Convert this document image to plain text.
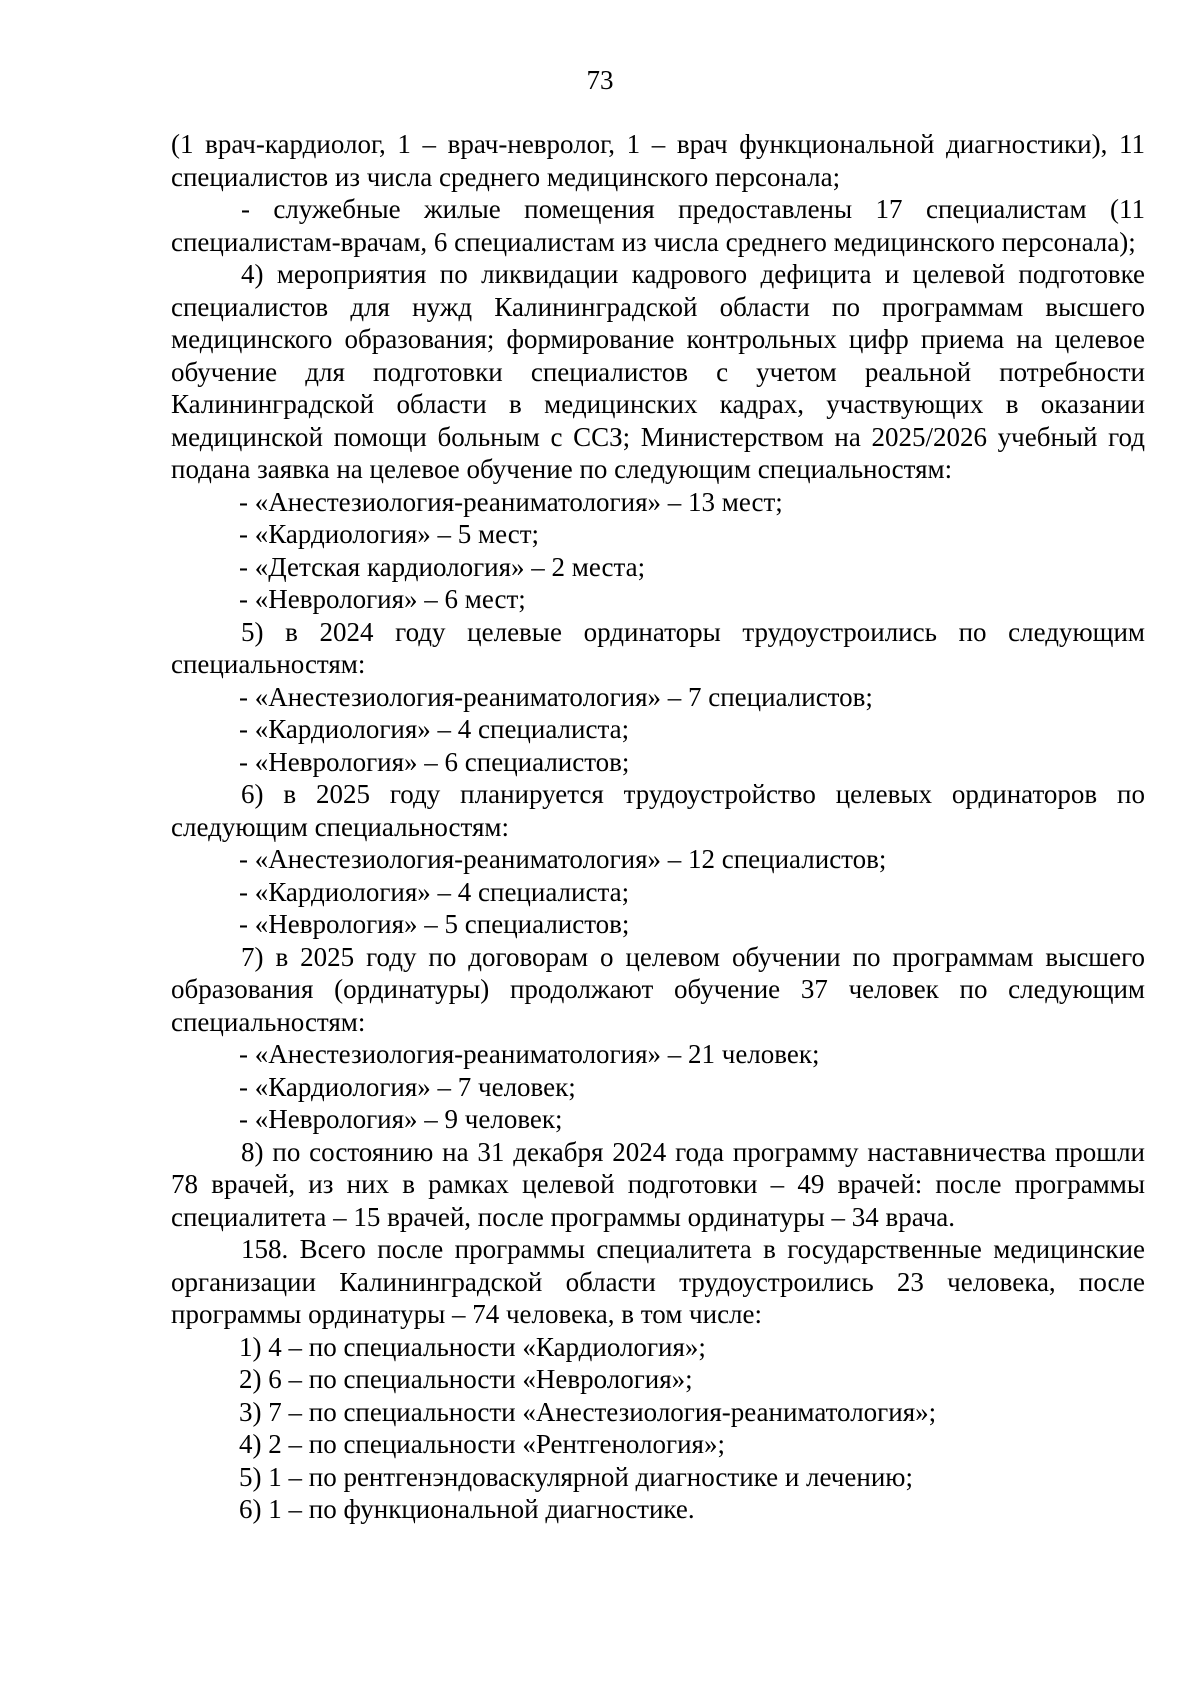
73

(1 врач-кардиолог, 1 – врач-невролог, 1 – врач функциональной диагностики), 11 специалистов из числа среднего медицинского персонала;

- служебные жилые помещения предоставлены 17 специалистам (11 специалистам-врачам, 6 специалистам из числа среднего медицинского персонала);

4) мероприятия по ликвидации кадрового дефицита и целевой подготовке специалистов для нужд Калининградской области по программам высшего медицинского образования; формирование контрольных цифр приема на целевое обучение для подготовки специалистов с учетом реальной потребности Калининградской области в медицинских кадрах, участвующих в оказании медицинской помощи больным с ССЗ; Министерством на 2025/2026 учебный год подана заявка на целевое обучение по следующим специальностям:

- «Анестезиология-реаниматология» – 13 мест;

- «Кардиология» – 5 мест;

- «Детская кардиология» – 2 места;

- «Неврология» – 6 мест;

5) в 2024 году целевые ординаторы трудоустроились по следующим специальностям:

- «Анестезиология-реаниматология» – 7 специалистов;

- «Кардиология» – 4 специалиста;

- «Неврология» – 6 специалистов;

6) в 2025 году планируется трудоустройство целевых ординаторов по следующим специальностям:

- «Анестезиология-реаниматология» – 12 специалистов;

- «Кардиология» – 4 специалиста;

- «Неврология» – 5 специалистов;

7) в 2025 году по договорам о целевом обучении по программам высшего образования (ординатуры) продолжают обучение 37 человек по следующим специальностям:

- «Анестезиология-реаниматология» – 21 человек;

- «Кардиология» – 7 человек;

- «Неврология» – 9 человек;

8) по состоянию на 31 декабря 2024 года программу наставничества прошли 78 врачей, из них в рамках целевой подготовки – 49 врачей: после программы специалитета – 15 врачей, после программы ординатуры – 34 врача.

158. Всего после программы специалитета в государственные медицинские организации Калининградской области трудоустроились 23 человека, после программы ординатуры – 74 человека, в том числе:

1) 4 – по специальности «Кардиология»;

2) 6 – по специальности «Неврология»;

3) 7 – по специальности «Анестезиология-реаниматология»;

4) 2 – по специальности «Рентгенология»;

5) 1 – по рентгенэндоваскулярной диагностике и лечению;

6) 1 – по функциональной диагностике.
